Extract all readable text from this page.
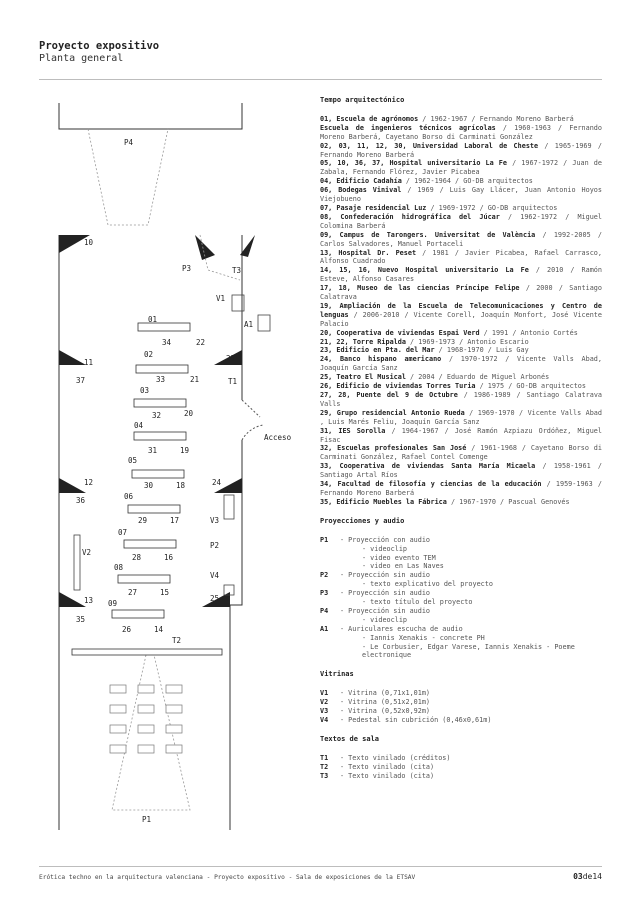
Proyecto expositivo
Planta general
P4
10
P3	T3
V1
A1
01
34	22
11
37
02
33	21
23
T1
03
32	20
Acceso
04
31	19
05
30	18
12
36
24
06
29	17	V3
07
V2
P2
28	16
08
V4
27	15
13	25
35
09
26	14
T2
P1
Tempo arquitectónico

01, Escuela de agrónomos / 1962-1967 / Fernando Moreno Barberá

Escuela de ingenieros técnicos agrícolas / 1960-1963 / Fernando Moreno Barberá, Cayetano Borso di Carminati González

02, 03, 11, 12, 30, Universidad Laboral de Cheste / 1965-1969 / Fernando Moreno Barberá

05, 10, 36, 37, Hospital universitario La Fe / 1967-1972 / Juan de Zabala, Fernando Flórez, Javier Picabea

04, Edificio Cadahía / 1962-1964 / GO-DB arquitectos

06, Bodegas Vinival / 1969 / Luis Gay Llácer, Juan Antonio Hoyos Viejobueno

07, Pasaje residencial Luz / 1969-1972 / GO-DB arquitectos

08, Confederación hidrográfica del Júcar / 1962-1972 / Miguel Colomina Barberá

09, Campus de Tarongers. Universitat de València / 1992-2005 / Carlos Salvadores, Manuel Portaceli

13, Hospital Dr. Peset / 1981 / Javier Picabea, Rafael Carrasco, Alfonso Cuadrado

14, 15, 16, Nuevo Hospital universitario La Fe / 2010 / Ramón Esteve, Alfonso Casares

17, 18, Museo de las ciencias Príncipe Felipe / 2000 / Santiago Calatrava

19, Ampliación de la Escuela de Telecomunicaciones y Centro de lenguas / 2006-2010 / Vicente Corell, Joaquín Monfort, José Vicente Palacio

20, Cooperativa de viviendas Espai Verd / 1991 / Antonio Cortés

21, 22, Torre Ripalda / 1969-1973 / Antonio Escario

23, Edificio en Pta. del Mar / 1968-1970 / Luis Gay

24, Banco hispano americano / 1970-1972 / Vicente Valls Abad, Joaquín García Sanz

25, Teatro El Musical / 2004 / Eduardo de Miguel Arbonés

26, Edificio de viviendas Torres Turia / 1975 / GO-DB arquitectos

27, 28, Puente del 9 de Octubre / 1986-1989 / Santiago Calatrava Valls

29, Grupo residencial Antonio Rueda / 1969-1970 / Vicente Valls Abad , Luis Marés Feliu, Joaquín García Sanz

31, IES Sorolla / 1964-1967 / José Ramón Azpiazu Ordóñez, Miguel Fisac

32, Escuelas profesionales San José / 1961-1968 / Cayetano Borso di Carminati González, Rafael Contel Comenge

33, Cooperativa de viviendas Santa María Micaela / 1958-1961 / Santiago Artal Ríos

34, Facultad de filosofía y ciencias de la educación / 1959-1963 / Fernando Moreno Barberá

35, Edificio Muebles la Fábrica / 1967-1970 / Pascual Genovés

Proyecciones y audio
P1	- Proyección con audio
- videoclip
- video evento TEM
- video en Las Naves
P2	- Proyección sin audio
- texto explicativo del proyecto
P3	- Proyección sin audio
- texto título del proyecto
P4	- Proyección sin audio
- videoclip
A1	- Auriculares escucha de audio
- Iannis Xenakis - concrete PH
- Le Corbusier, Edgar Varese, Iannis Xenakis - Poeme electronique
Vitrinas
V1	- Vitrina (0,71x1,01m)
V2	- Vitrina (0,51x2,01m)
V3	- Vitrina (0,52x0,92m)
V4	- Pedestal sin cubrición (0,46x0,61m)
Textos de sala
T1	- Texto vinilado (créditos)
T2	- Texto vinilado (cita)
T3	- Texto vinilado (cita)
Erótica techno en la arquitectura valenciana - Proyecto expositivo - Sala de exposiciones de la ETSAV	03de14
